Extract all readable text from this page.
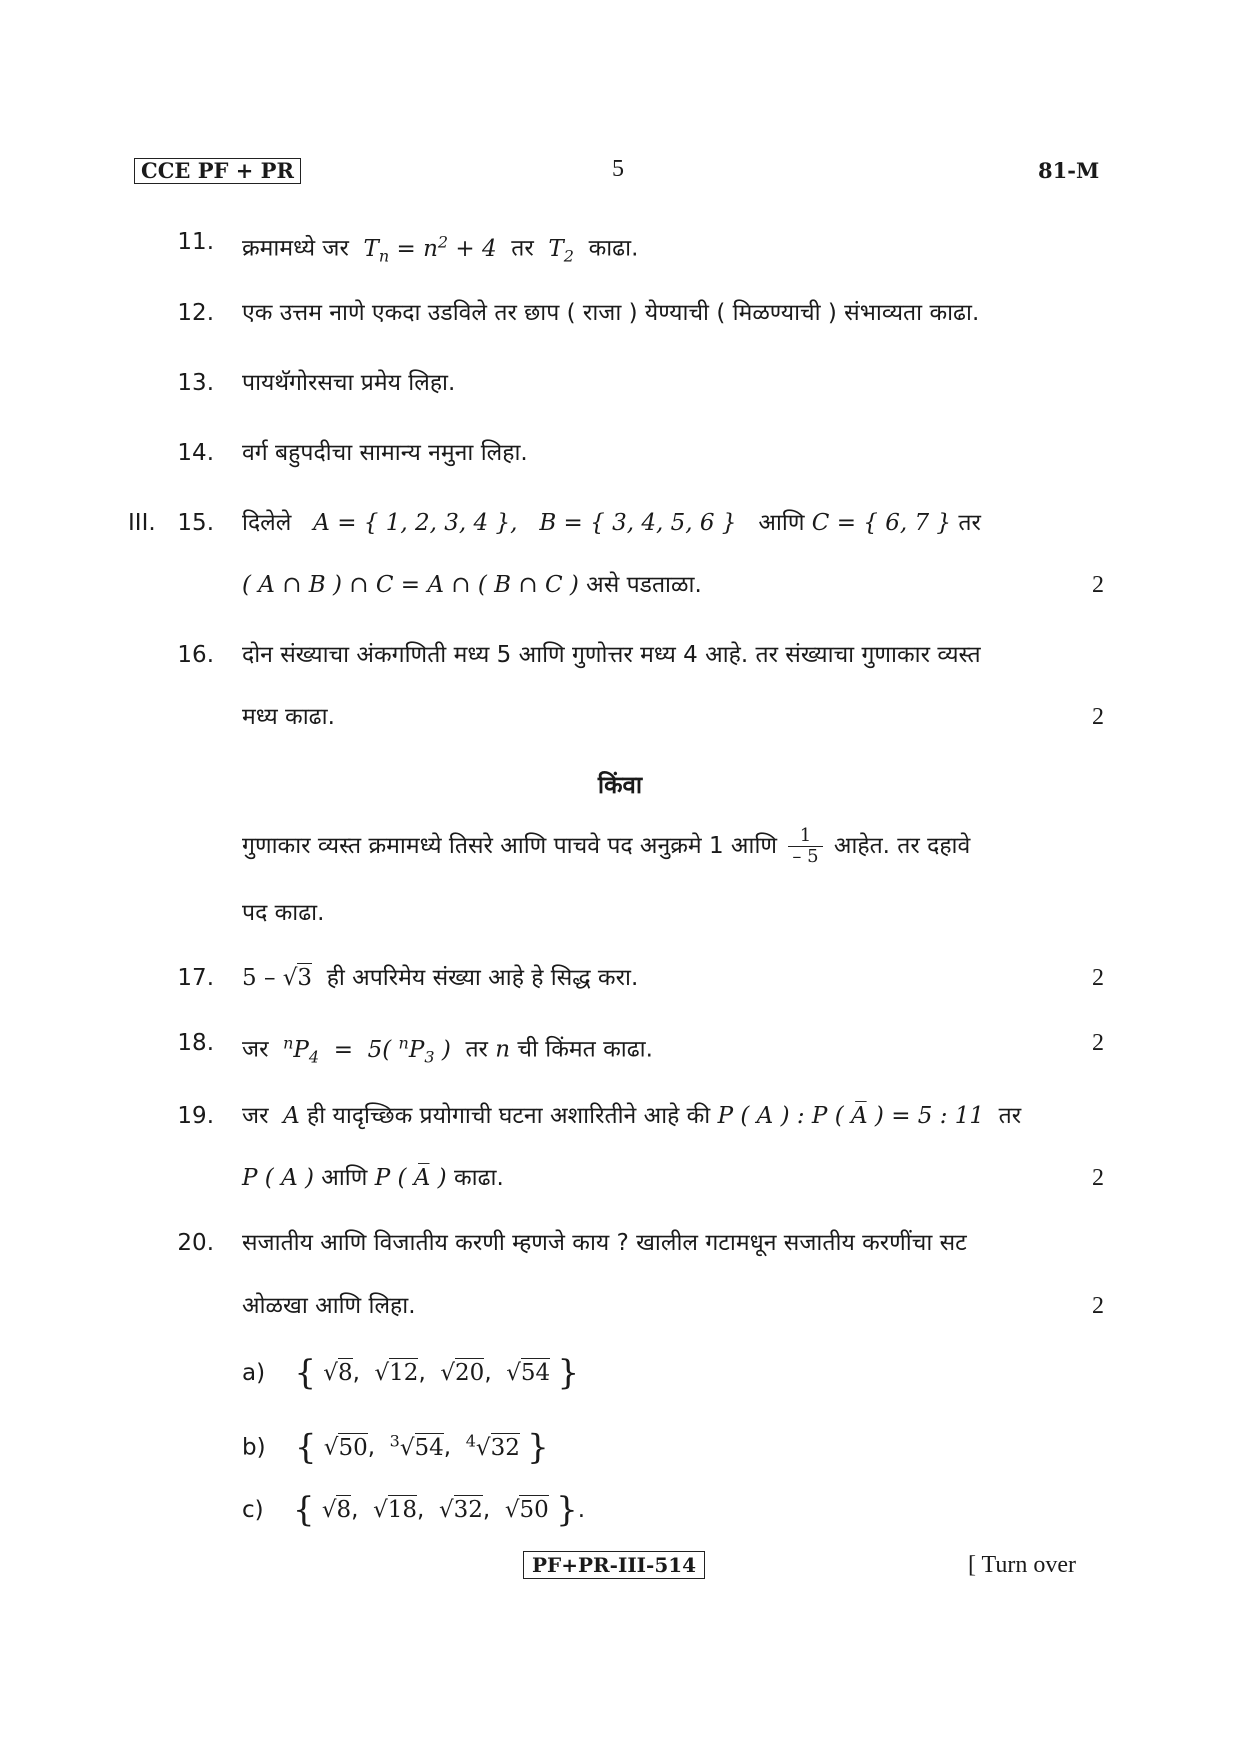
CCE PF + PR	5	81-M
11. क्रमामध्ये जर  $T_n = n^2 + 4$  तर  $T_2$ काढा.
12. एक उत्तम नाणे एकदा उडविले तर छाप ( राजा ) येण्याची ( मिळण्याची ) संभाव्यता काढा.
13. पायथॅगोरसचा प्रमेय लिहा.
14. वर्ग बहुपदीचा सामान्य नमुना लिहा.
III. 15. दिलेले A = { 1, 2, 3, 4 }, B = { 3, 4, 5, 6 } आणि C = { 6, 7 } तर
( A ∩ B ) ∩ C = A ∩ ( B ∩ C ) असे पडताळा.	2
16. दोन संख्याचा अंकगणिती मध्य 5 आणि गुणोत्तर मध्य 4 आहे. तर संख्याचा गुणाकार व्यस्त
मध्य काढा.	2
किंवा
गुणाकार व्यस्त क्रमामध्ये तिसरे आणि पाचवे पद अनुक्रमे 1 आणि $\frac{1}{- 5}$ आहेत. तर दहावे
पद काढा.
17. 5 – √3 ही अपरिमेय संख्या आहे हे सिद्ध करा.	2
18. जर $^nP_4 = 5$( $^nP_3$ )  तर n ची किंमत काढा.	2
19. जर A ही यादृच्छिक प्रयोगाची घटना अशारितीने आहे की P ( A ) : P ( A̅ ) = 5 : 11 तर
P ( A ) आणि P ( A̅ ) काढा.	2
20. सजातीय आणि विजातीय करणी म्हणजे काय ? खालील गटामधून सजातीय करणींचा सट
ओळखा आणि लिहा.	2
a) { √8,  √12,  √20,  √54 }
b) { √50,  $^3$√54,  $^4$√32 }
c) { √8,  √18,  √32,  √50 }.
PF+PR-III-514	[ Turn over
